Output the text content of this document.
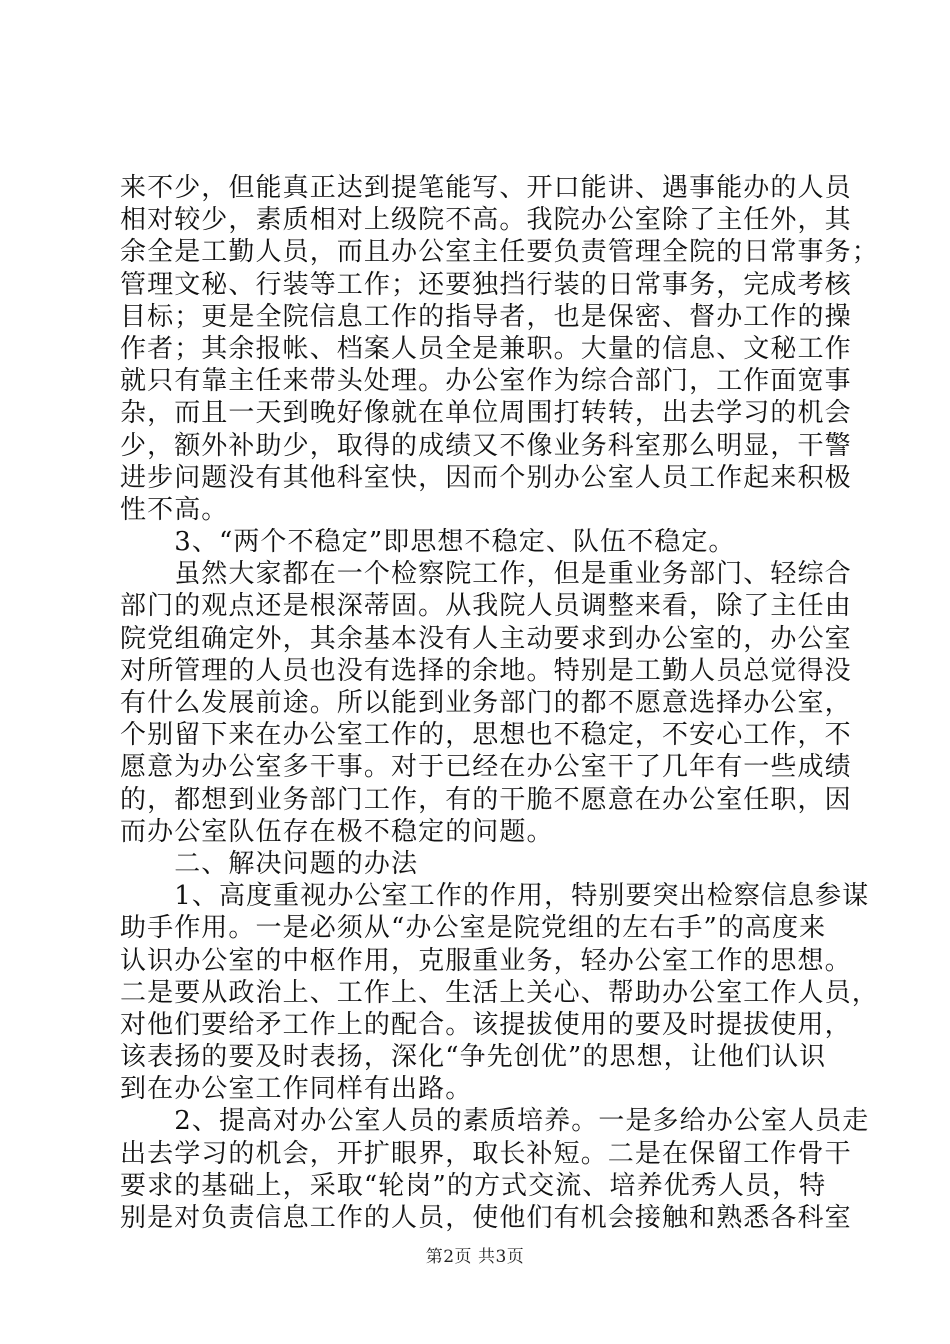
来不少，但能真正达到提笔能写、开口能讲、遇事能办的人员
相对较少，素质相对上级院不高。我院办公室除了主任外，其
余全是工勤人员，而且办公室主任要负责管理全院的日常事务；
管理文秘、行装等工作；还要独挡行装的日常事务，完成考核
目标；更是全院信息工作的指导者，也是保密、督办工作的操
作者；其余报帐、档案人员全是兼职。大量的信息、文秘工作
就只有靠主任来带头处理。办公室作为综合部门，工作面宽事
杂，而且一天到晚好像就在单位周围打转转，出去学习的机会
少，额外补助少，取得的成绩又不像业务科室那么明显，干警
进步问题没有其他科室快，因而个别办公室人员工作起来积极
性不高。
　　3、“两个不稳定”即思想不稳定、队伍不稳定。
　　虽然大家都在一个检察院工作，但是重业务部门、轻综合
部门的观点还是根深蒂固。从我院人员调整来看，除了主任由
院党组确定外，其余基本没有人主动要求到办公室的，办公室
对所管理的人员也没有选择的余地。特别是工勤人员总觉得没
有什么发展前途。所以能到业务部门的都不愿意选择办公室，
个别留下来在办公室工作的，思想也不稳定，不安心工作，不
愿意为办公室多干事。对于已经在办公室干了几年有一些成绩
的，都想到业务部门工作，有的干脆不愿意在办公室任职，因
而办公室队伍存在极不稳定的问题。
　　二、解决问题的办法
　　1、高度重视办公室工作的作用，特别要突出检察信息参谋
助手作用。一是必须从“办公室是院党组的左右手”的高度来
认识办公室的中枢作用，克服重业务，轻办公室工作的思想。
二是要从政治上、工作上、生活上关心、帮助办公室工作人员，
对他们要给矛工作上的配合。该提拔使用的要及时提拔使用，
该表扬的要及时表扬，深化“争先创优”的思想，让他们认识
到在办公室工作同样有出路。
　　2、提高对办公室人员的素质培养。一是多给办公室人员走
出去学习的机会，开扩眼界，取长补短。二是在保留工作骨干
要求的基础上，采取“轮岗”的方式交流、培养优秀人员，特
别是对负责信息工作的人员，使他们有机会接触和熟悉各科室
第2页 共3页
